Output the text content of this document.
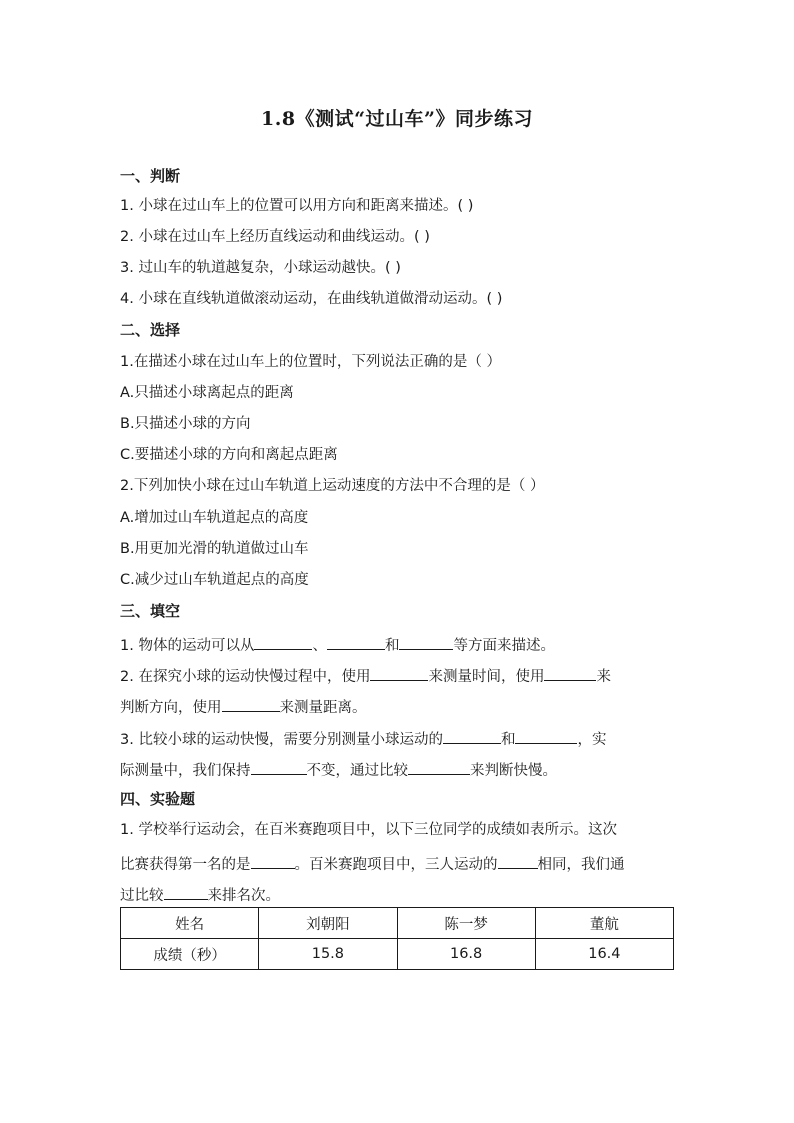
1.8《测试“过山车”》同步练习
一、判断
1. 小球在过山车上的位置可以用方向和距离来描述。( )
2. 小球在过山车上经历直线运动和曲线运动。( )
3. 过山车的轨道越复杂，小球运动越快。( )
4. 小球在直线轨道做滚动运动，在曲线轨道做滑动运动。( )
二、选择
1.在描述小球在过山车上的位置时，下列说法正确的是（ ）
A.只描述小球离起点的距离
B.只描述小球的方向
C.要描述小球的方向和离起点距离
2.下列加快小球在过山车轨道上运动速度的方法中不合理的是（ ）
A.增加过山车轨道起点的高度
B.用更加光滑的轨道做过山车
C.减少过山车轨道起点的高度
三、填空
1. 物体的运动可以从	、	和	等方面来描述。
2. 在探究小球的运动快慢过程中，使用	来测量时间，使用	来
判断方向，使用	来测量距离。
3. 比较小球的运动快慢，需要分别测量小球运动的	和	，实
际测量中，我们保持	不变，通过比较	来判断快慢。
四、实验题
1. 学校举行运动会，在百米赛跑项目中，以下三位同学的成绩如表所示。这次
比赛获得第一名的是	。百米赛跑项目中，三人运动的	相同，我们通
过比较	来排名次。
姓名	刘朝阳	陈一梦	董航
成绩（秒）	15.8	16.8	16.4
